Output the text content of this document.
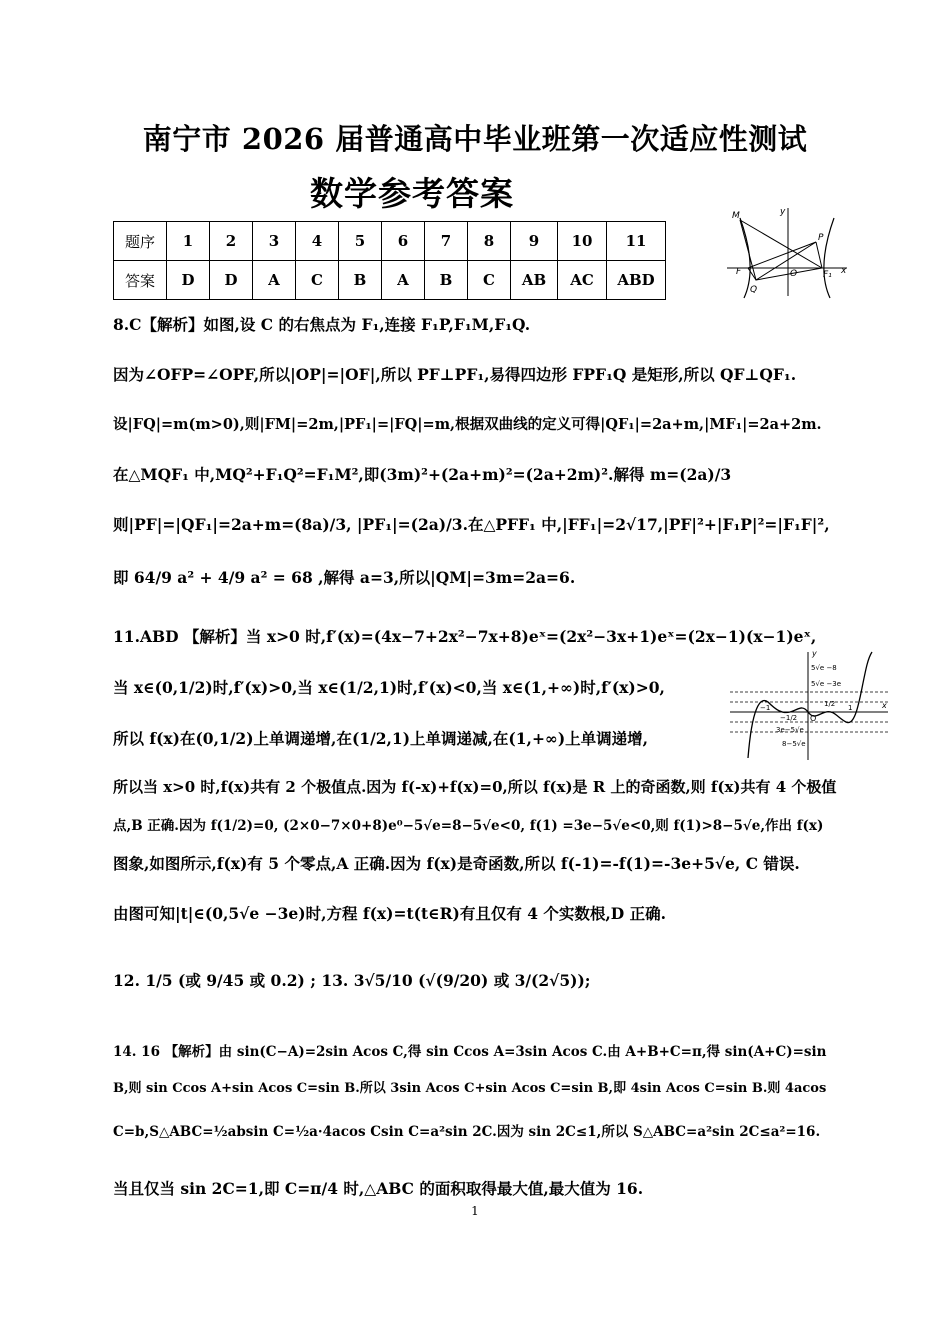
南宁市 2026 届普通高中毕业班第一次适应性测试
数学参考答案
题序	1	2	3	4	5	6	7	8	9	10	11
答案	D	D	A	C	B	A	B	C	AB	AC	ABD
M	y
P
F	O	F₁ x
Q
y
x
O
5√e −8
5√e −3e
−1
−1/2
1/2 1
3e−5√e
8−5√e
8.C【解析】如图,设 C 的右焦点为 F₁,连接 F₁P,F₁M,F₁Q.
因为∠OFP=∠OPF,所以|OP|=|OF|,所以 PF⊥PF₁,易得四边形 FPF₁Q 是矩形,所以 QF⊥QF₁.
设|FQ|=m(m>0),则|FM|=2m,|PF₁|=|FQ|=m,根据双曲线的定义可得|QF₁|=2a+m,|MF₁|=2a+2m.
在△MQF₁ 中,MQ²+F₁Q²=F₁M²,即(3m)²+(2a+m)²=(2a+2m)².解得 m=(2a)/3
则|PF|=|QF₁|=2a+m=(8a)/3, |PF₁|=(2a)/3.在△PFF₁ 中,|FF₁|=2√17,|PF|²+|F₁P|²=|F₁F|²,
即 64/9 a² + 4/9 a² = 68 ,解得 a=3,所以|QM|=3m=2a=6.
11.ABD 【解析】当 x>0 时,f′(x)=(4x−7+2x²−7x+8)eˣ=(2x²−3x+1)eˣ=(2x−1)(x−1)eˣ,
当 x∈(0,1/2)时,f′(x)>0,当 x∈(1/2,1)时,f′(x)<0,当 x∈(1,+∞)时,f′(x)>0,
所以 f(x)在(0,1/2)上单调递增,在(1/2,1)上单调递减,在(1,+∞)上单调递增,
所以当 x>0 时,f(x)共有 2 个极值点.因为 f(-x)+f(x)=0,所以 f(x)是 R 上的奇函数,则 f(x)共有 4 个极值
点,B 正确.因为 f(1/2)=0, (2×0−7×0+8)e⁰−5√e=8−5√e<0, f(1) =3e−5√e<0,则 f(1)>8−5√e,作出 f(x)
图象,如图所示,f(x)有 5 个零点,A 正确.因为 f(x)是奇函数,所以 f(-1)=-f(1)=-3e+5√e, C 错误.
由图可知|t|∈(0,5√e −3e)时,方程 f(x)=t(t∈R)有且仅有 4 个实数根,D 正确.
12. 1/5 (或 9/45 或 0.2) ; 13. 3√5/10 (√(9/20) 或 3/(2√5));
14. 16 【解析】由 sin(C−A)=2sin Acos C,得 sin Ccos A=3sin Acos C.由 A+B+C=π,得 sin(A+C)=sin
B,则 sin Ccos A+sin Acos C=sin B.所以 3sin Acos C+sin Acos C=sin B,即 4sin Acos C=sin B.则 4acos
C=b,S△ABC=½absin C=½a·4acos Csin C=a²sin 2C.因为 sin 2C≤1,所以 S△ABC=a²sin 2C≤a²=16.
当且仅当 sin 2C=1,即 C=π/4 时,△ABC 的面积取得最大值,最大值为 16.
1
